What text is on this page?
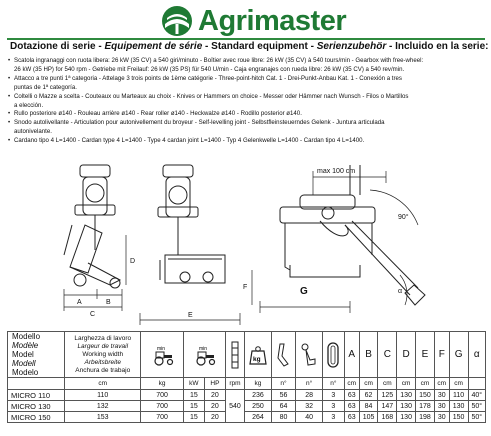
Agrimaster
Dotazione di serie - Equipement de série - Standard equipment - Serienzubehör - Incluido en la serie:
• Scatola ingranaggi con ruota libera: 26 kW (35 CV) a 540 giri/minuto - Boîtier avec roue libre: 26 kW (35 CV) à 540 tours/min - Gearbox with free-wheel:
26 kW (35 HP) for 540 rpm - Getriebe mit Freilauf: 26 kW (35 PS) für 540 U/min - Caja engranajes con rueda libre: 26 kW (35 CV) a 540 rev/min.
• Attacco a tre punti 1ª categoria - Attelage 3 trois points de 1ème catégorie - Three-point-hitch Cat. 1 - Drei-Punkt-Anbau Kat. 1 - Conexión a tres
puntas de 1ª categoría.
• Coltelli o Mazze a scelta - Couteaux ou Marteaux au choix - Knives or Hammers on choice - Messer oder Hämmer nach Wunsch - Filos o Martillos
a elección.
• Rullo posteriore ø140 - Rouleau arrière ø140 - Rear roller ø140 - Heckwalze ø140 - Rodillo posterior ø140.
• Snodo autolivellante - Articulation pour autonivellement du broyeur - Self-levelling joint - Selbstfleinsteuerndes Gelenk - Juntura articulada
autonivelante.
• Cardano tipo 4 L=1400 - Cardan type 4 L=1400 - Type 4 cardan joint L=1400 - Typ 4 Gelenkwelle L=1400 - Cardan tipo 4 L=1400.
A	B
C
D
E
F	G
max 100 cm
90°
α
Modello
Modèle
Model
Modell
Modelo	Larghezza di lavoro
Largeur de travail
Working width
Arbeitsbreite
Anchura de trabajo	min	min			kg				A	B	C	D	E	F	G	α
	cm	kg	kW	HP	rpm	kg	n°	n°	n°	cm	cm	cm	cm	cm	cm	cm	
MICRO 110	110	700	15	20	540	236	56	28	3	63	62	125	130	150	30	110	40°
MICRO 130	132	700	15	20		250	64	32	3	63	84	147	130	178	30	130	50°
MICRO 150	153	700	15	20		264	80	40	3	63	105	168	130	198	30	150	50°
